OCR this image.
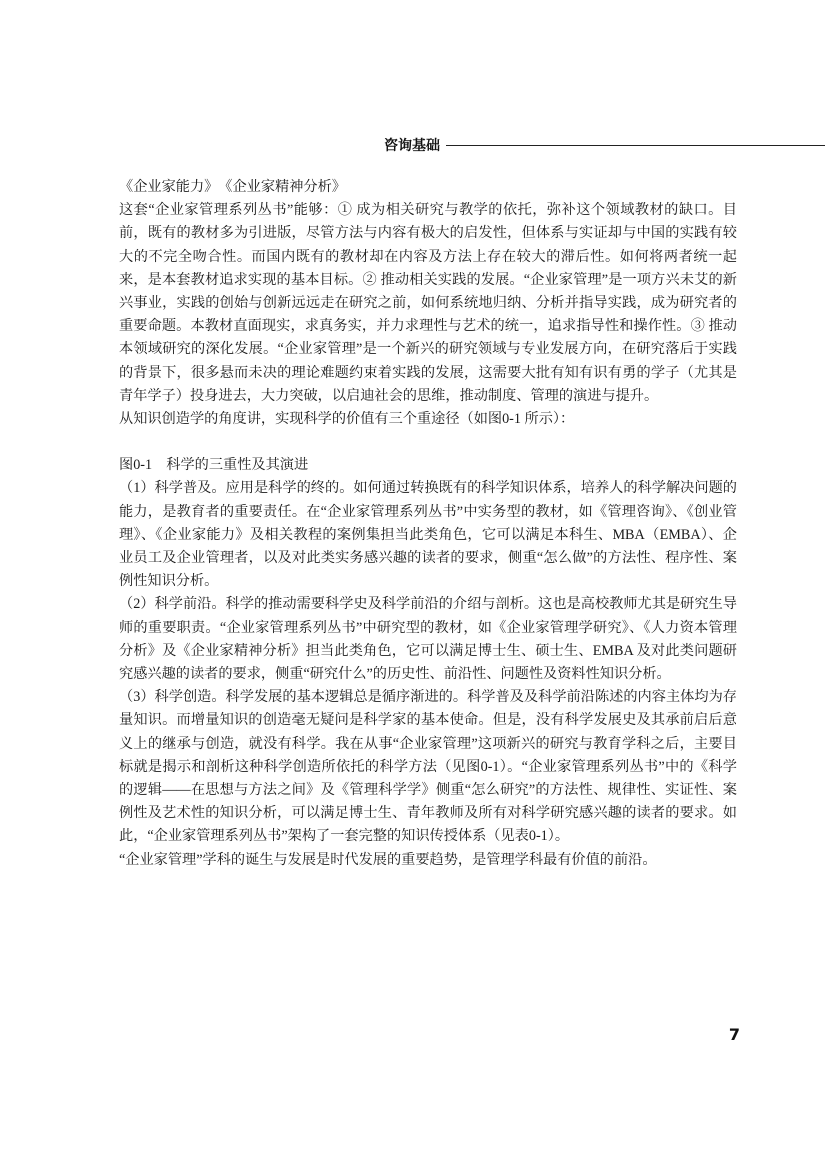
咨询基础

《企业家能力》　《企业家精神分析》

这套“企业家管理系列丛书”能够：① 成为相关研究与教学的依托，弥补这个领域教材的缺口。目前，既有的教材多为引进版，尽管方法与内容有极大的启发性，但体系与实证却与中国的实践有较大的不完全吻合性。而国内既有的教材却在内容及方法上存在较大的滞后性。如何将两者统一起来，是本套教材追求实现的基本目标。② 推动相关实践的发展。“企业家管理”是一项方兴未艾的新兴事业，实践的创始与创新远远走在研究之前，如何系统地归纳、分析并指导实践，成为研究者的重要命题。本教材直面现实，求真务实，并力求理性与艺术的统一，追求指导性和操作性。③ 推动本领域研究的深化发展。“企业家管理”是一个新兴的研究领域与专业发展方向，在研究落后于实践的背景下，很多悬而未决的理论难题约束着实践的发展，这需要大批有知有识有勇的学子（尤其是青年学子）投身进去，大力突破，以启迪社会的思维，推动制度、管理的演进与提升。

从知识创造学的角度讲，实现科学的价值有三个重途径（如图0-1 所示）：

图0-1　科学的三重性及其演进

（1）科学普及。应用是科学的终的。如何通过转换既有的科学知识体系，培养人的科学解决问题的能力，是教育者的重要责任。在“企业家管理系列丛书”中实务型的教材，如《管理咨询》、《创业管理》、《企业家能力》及相关教程的案例集担当此类角色，它可以满足本科生、MBA（EMBA）、企业员工及企业管理者，以及对此类实务感兴趣的读者的要求，侧重“怎么做”的方法性、程序性、案例性知识分析。

（2）科学前沿。科学的推动需要科学史及科学前沿的介绍与剖析。这也是高校教师尤其是研究生导师的重要职责。“企业家管理系列丛书”中研究型的教材，如《企业家管理学研究》、《人力资本管理分析》及《企业家精神分析》担当此类角色，它可以满足博士生、硕士生、EMBA 及对此类问题研究感兴趣的读者的要求，侧重“研究什么”的历史性、前沿性、问题性及资料性知识分析。

（3）科学创造。科学发展的基本逻辑总是循序渐进的。科学普及及科学前沿陈述的内容主体均为存量知识。而增量知识的创造毫无疑问是科学家的基本使命。但是，没有科学发展史及其承前启后意义上的继承与创造，就没有科学。我在从事“企业家管理”这项新兴的研究与教育学科之后，主要目标就是揭示和剖析这种科学创造所依托的科学方法（见图0-1）。“企业家管理系列丛书”中的《科学的逻辑——在思想与方法之间》及《管理科学学》侧重“怎么研究”的方法性、规律性、实证性、案例性及艺术性的知识分析，可以满足博士生、青年教师及所有对科学研究感兴趣的读者的要求。如此，“企业家管理系列丛书”架构了一套完整的知识传授体系（见表0-1）。

“企业家管理”学科的诞生与发展是时代发展的重要趋势，是管理学科最有价值的前沿。

7
